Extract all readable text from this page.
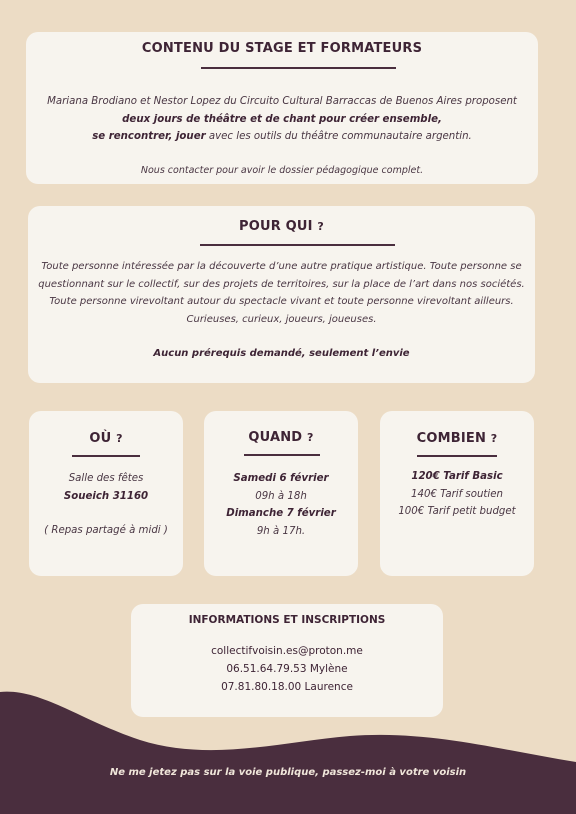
CONTENU DU STAGE ET FORMATEURS
Mariana Brodiano et Nestor Lopez du Circuito Cultural Barraccas de Buenos Aires proposent
deux jours de théâtre et de chant pour créer ensemble,
se rencontrer, jouer avec les outils du théâtre communautaire argentin.
Nous contacter pour avoir le dossier pédagogique complet.
POUR QUI ?
Toute personne intéressée par la découverte d’une autre pratique artistique. Toute personne se
questionnant sur le collectif, sur des projets de territoires, sur la place de l’art dans nos sociétés.
Toute personne virevoltant autour du spectacle vivant et toute personne virevoltant ailleurs.
Curieuses, curieux, joueurs, joueuses.
Aucun prérequis demandé, seulement l’envie
OÙ ?
Salle des fêtes
Soueich 31160
( Repas partagé à midi )
QUAND ?
Samedi 6 février
09h à 18h
Dimanche 7 février
9h à 17h.
COMBIEN ?
120€ Tarif Basic
140€ Tarif soutien
100€ Tarif petit budget
INFORMATIONS ET INSCRIPTIONS
collectifvoisin.es@proton.me
06.51.64.79.53 Mylène
07.81.80.18.00 Laurence
Ne me jetez pas sur la voie publique, passez-moi à votre voisin
